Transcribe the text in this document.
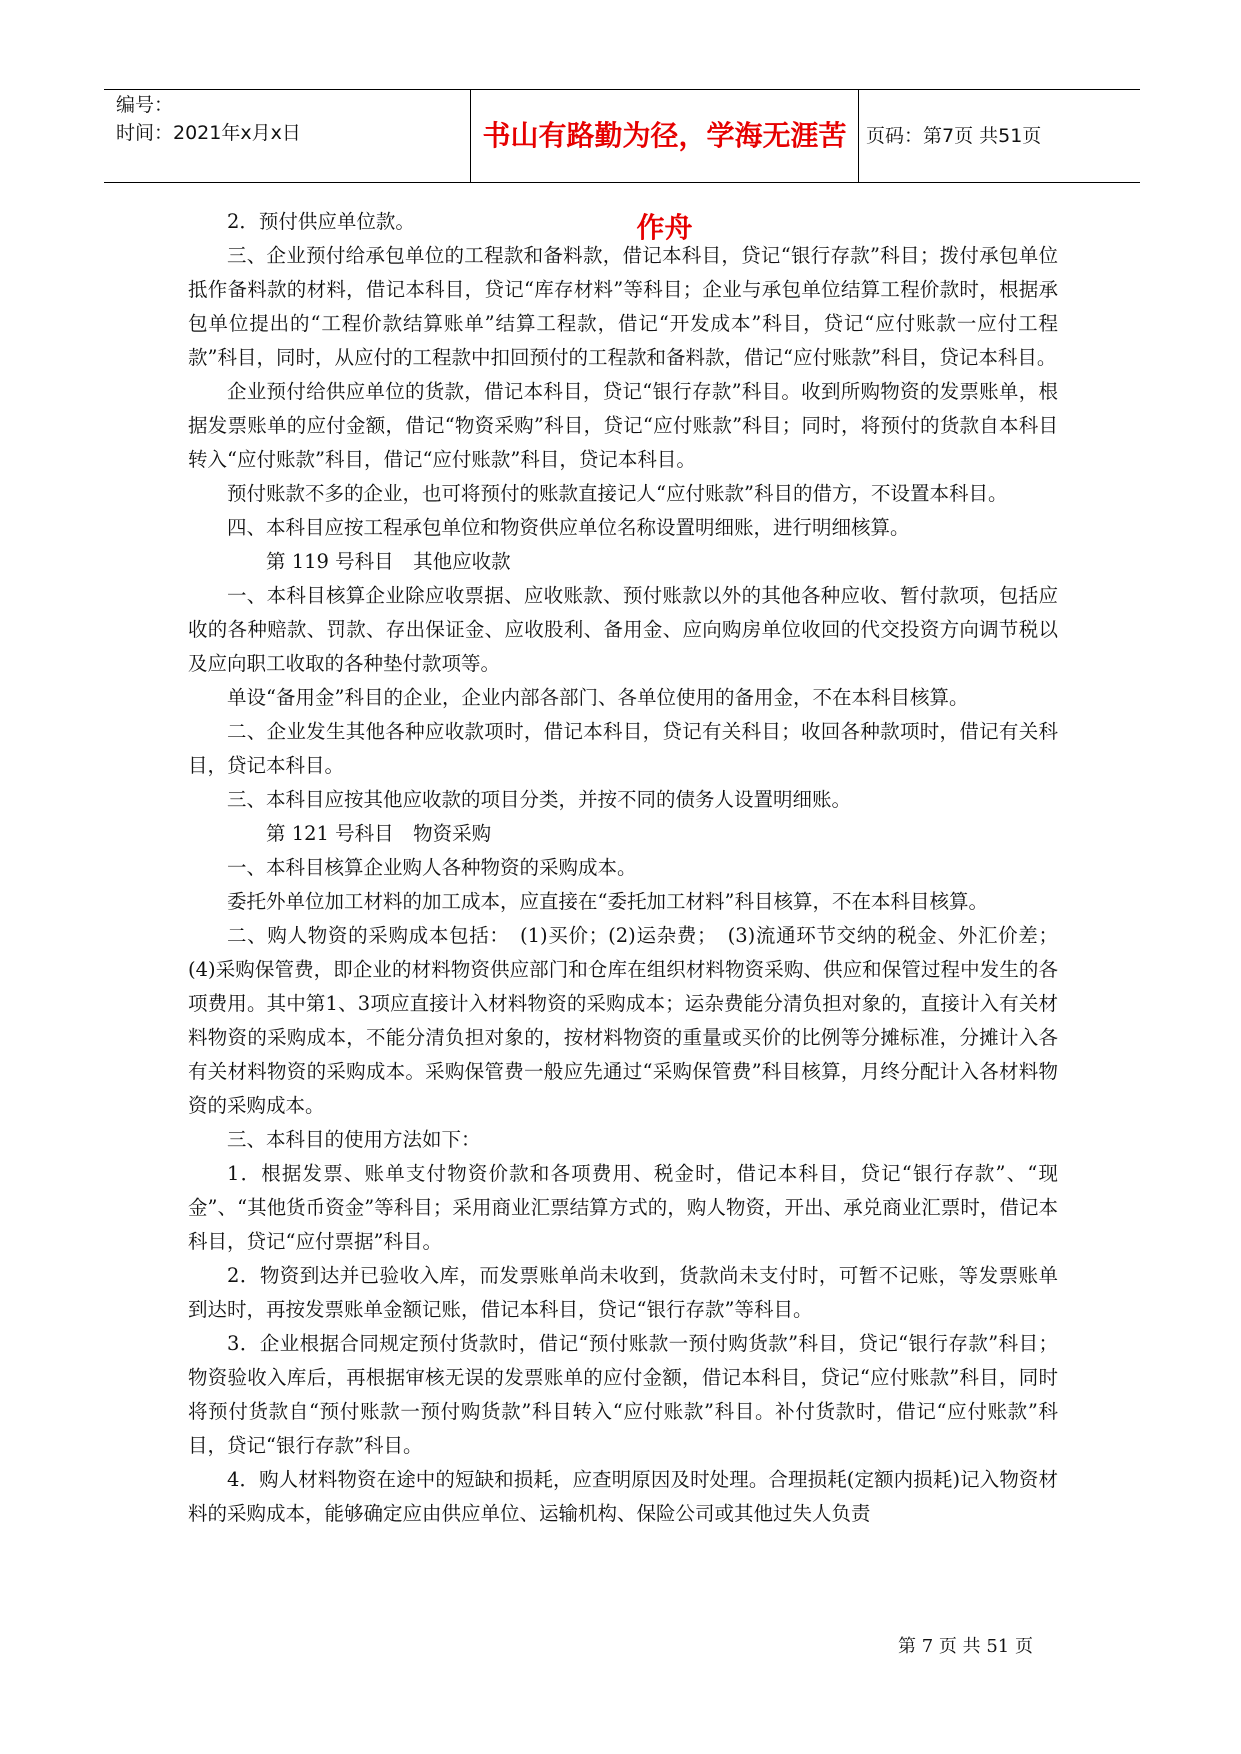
编号：
时间：2021年x月x日	书山有路勤为径，学海无涯苦作舟
页码：第7页 共51页

2．预付供应单位款。

三、企业预付给承包单位的工程款和备料款，借记本科目，贷记“银行存款”科目；拨付承包单位抵作备料款的材料，借记本科目，贷记“库存材料”等科目；企业与承包单位结算工程价款时，根据承包单位提出的“工程价款结算账单”结算工程款，借记“开发成本”科目，贷记“应付账款一应付工程款”科目，同时，从应付的工程款中扣回预付的工程款和备料款，借记“应付账款”科目，贷记本科目。

企业预付给供应单位的货款，借记本科目，贷记“银行存款”科目。收到所购物资的发票账单，根据发票账单的应付金额，借记“物资采购”科目，贷记“应付账款”科目；同时，将预付的货款自本科目转入“应付账款”科目，借记“应付账款”科目，贷记本科目。

预付账款不多的企业，也可将预付的账款直接记人“应付账款”科目的借方，不设置本科目。

四、本科目应按工程承包单位和物资供应单位名称设置明细账，进行明细核算。

第 119 号科目　其他应收款

一、本科目核算企业除应收票据、应收账款、预付账款以外的其他各种应收、暂付款项，包括应收的各种赔款、罚款、存出保证金、应收股利、备用金、应向购房单位收回的代交投资方向调节税以及应向职工收取的各种垫付款项等。

单设“备用金”科目的企业，企业内部各部门、各单位使用的备用金，不在本科目核算。

二、企业发生其他各种应收款项时，借记本科目，贷记有关科目；收回各种款项时，借记有关科目，贷记本科目。

三、本科目应按其他应收款的项目分类，并按不同的债务人设置明细账。

第 121 号科目　物资采购

一、本科目核算企业购人各种物资的采购成本。

委托外单位加工材料的加工成本，应直接在“委托加工材料”科目核算，不在本科目核算。

二、购人物资的采购成本包括：　(1)买价；(2)运杂费；　(3)流通环节交纳的税金、外汇价差；(4)采购保管费，即企业的材料物资供应部门和仓库在组织材料物资采购、供应和保管过程中发生的各项费用。其中第1、3项应直接计入材料物资的采购成本；运杂费能分清负担对象的，直接计入有关材料物资的采购成本，不能分清负担对象的，按材料物资的重量或买价的比例等分摊标准，分摊计入各有关材料物资的采购成本。采购保管费一般应先通过“采购保管费”科目核算，月终分配计入各材料物资的采购成本。

三、本科目的使用方法如下：

1．根据发票、账单支付物资价款和各项费用、税金时，借记本科目，贷记“银行存款”、“现金”、“其他货币资金”等科目；采用商业汇票结算方式的，购人物资，开出、承兑商业汇票时，借记本科目，贷记“应付票据”科目。

2．物资到达并已验收入库，而发票账单尚未收到，货款尚未支付时，可暂不记账，等发票账单到达时，再按发票账单金额记账，借记本科目，贷记“银行存款”等科目。

3．企业根据合同规定预付货款时，借记“预付账款一预付购货款”科目，贷记“银行存款”科目；物资验收入库后，再根据审核无误的发票账单的应付金额，借记本科目，贷记“应付账款”科目，同时将预付货款自“预付账款一预付购货款”科目转入“应付账款”科目。补付货款时，借记“应付账款”科目，贷记“银行存款”科目。

4．购人材料物资在途中的短缺和损耗，应查明原因及时处理。合理损耗(定额内损耗)记入物资材料的采购成本，能够确定应由供应单位、运输机构、保险公司或其他过失人负责

第 7 页 共 51 页
